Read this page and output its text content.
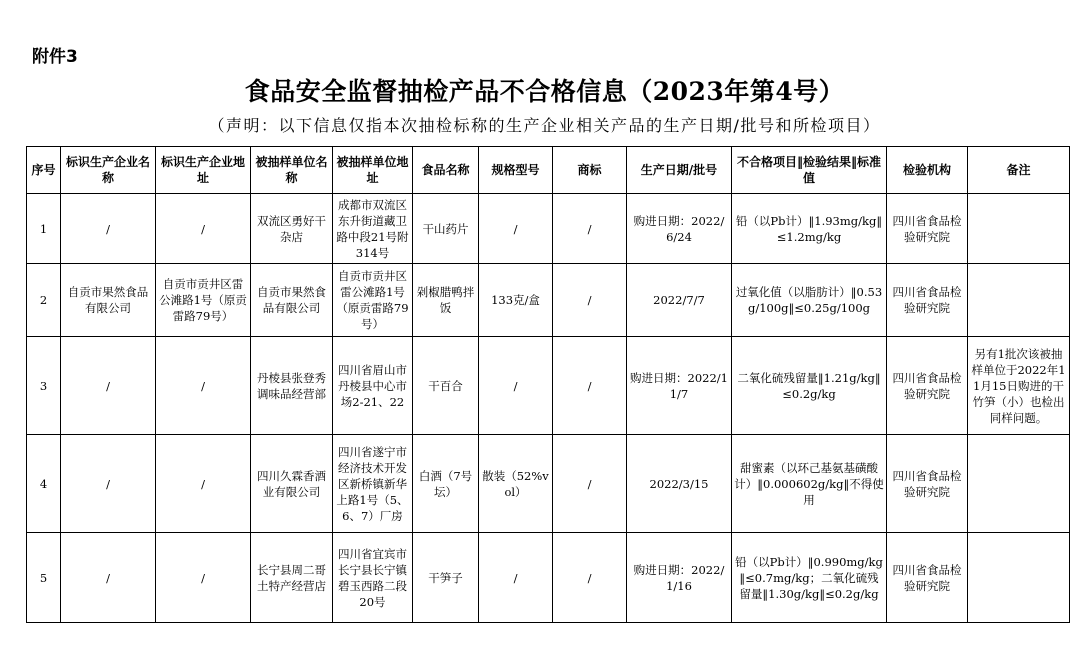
附件3
食品安全监督抽检产品不合格信息（2023年第4号）
（声明：以下信息仅指本次抽检标称的生产企业相关产品的生产日期/批号和所检项目）
序号	标识生产企业名称	标识生产企业地址	被抽样单位名称	被抽样单位地址	食品名称	规格型号	商标	生产日期/批号	不合格项目‖检验结果‖标准值	检验机构	备注
1	/	/	双流区勇好干杂店	成都市双流区东升街道藏卫路中段21号附314号	干山药片	/	/	购进日期：2022/6/24	铅（以Pb计）‖1.93mg/kg‖≤1.2mg/kg	四川省食品检验研究院	
2	自贡市果然食品有限公司	自贡市贡井区雷公滩路1号（原贡雷路79号）	自贡市果然食品有限公司	自贡市贡井区雷公滩路1号（原贡雷路79号）	剁椒腊鸭拌饭	133克/盒	/	2022/7/7	过氧化值（以脂肪计）‖0.53g/100g‖≤0.25g/100g	四川省食品检验研究院	
3	/	/	丹棱县张登秀调味品经营部	四川省眉山市丹棱县中心市场2-21、22	干百合	/	/	购进日期：2022/11/7	二氧化硫残留量‖1.21g/kg‖≤0.2g/kg	四川省食品检验研究院	另有1批次该被抽样单位于2022年11月15日购进的干竹笋（小）也检出同样问题。
4	/	/	四川久霖香酒业有限公司	四川省遂宁市经济技术开发区新桥镇新华上路1号（5、6、7）厂房	白酒（7号坛）	散装（52%vol）	/	2022/3/15	甜蜜素（以环己基氨基磺酸计）‖0.000602g/kg‖不得使用	四川省食品检验研究院	
5	/	/	长宁县周二哥土特产经营店	四川省宜宾市长宁县长宁镇碧玉西路二段20号	干笋子	/	/	购进日期：2022/1/16	铅（以Pb计）‖0.990mg/kg‖≤0.7mg/kg；二氧化硫残留量‖1.30g/kg‖≤0.2g/kg	四川省食品检验研究院	
